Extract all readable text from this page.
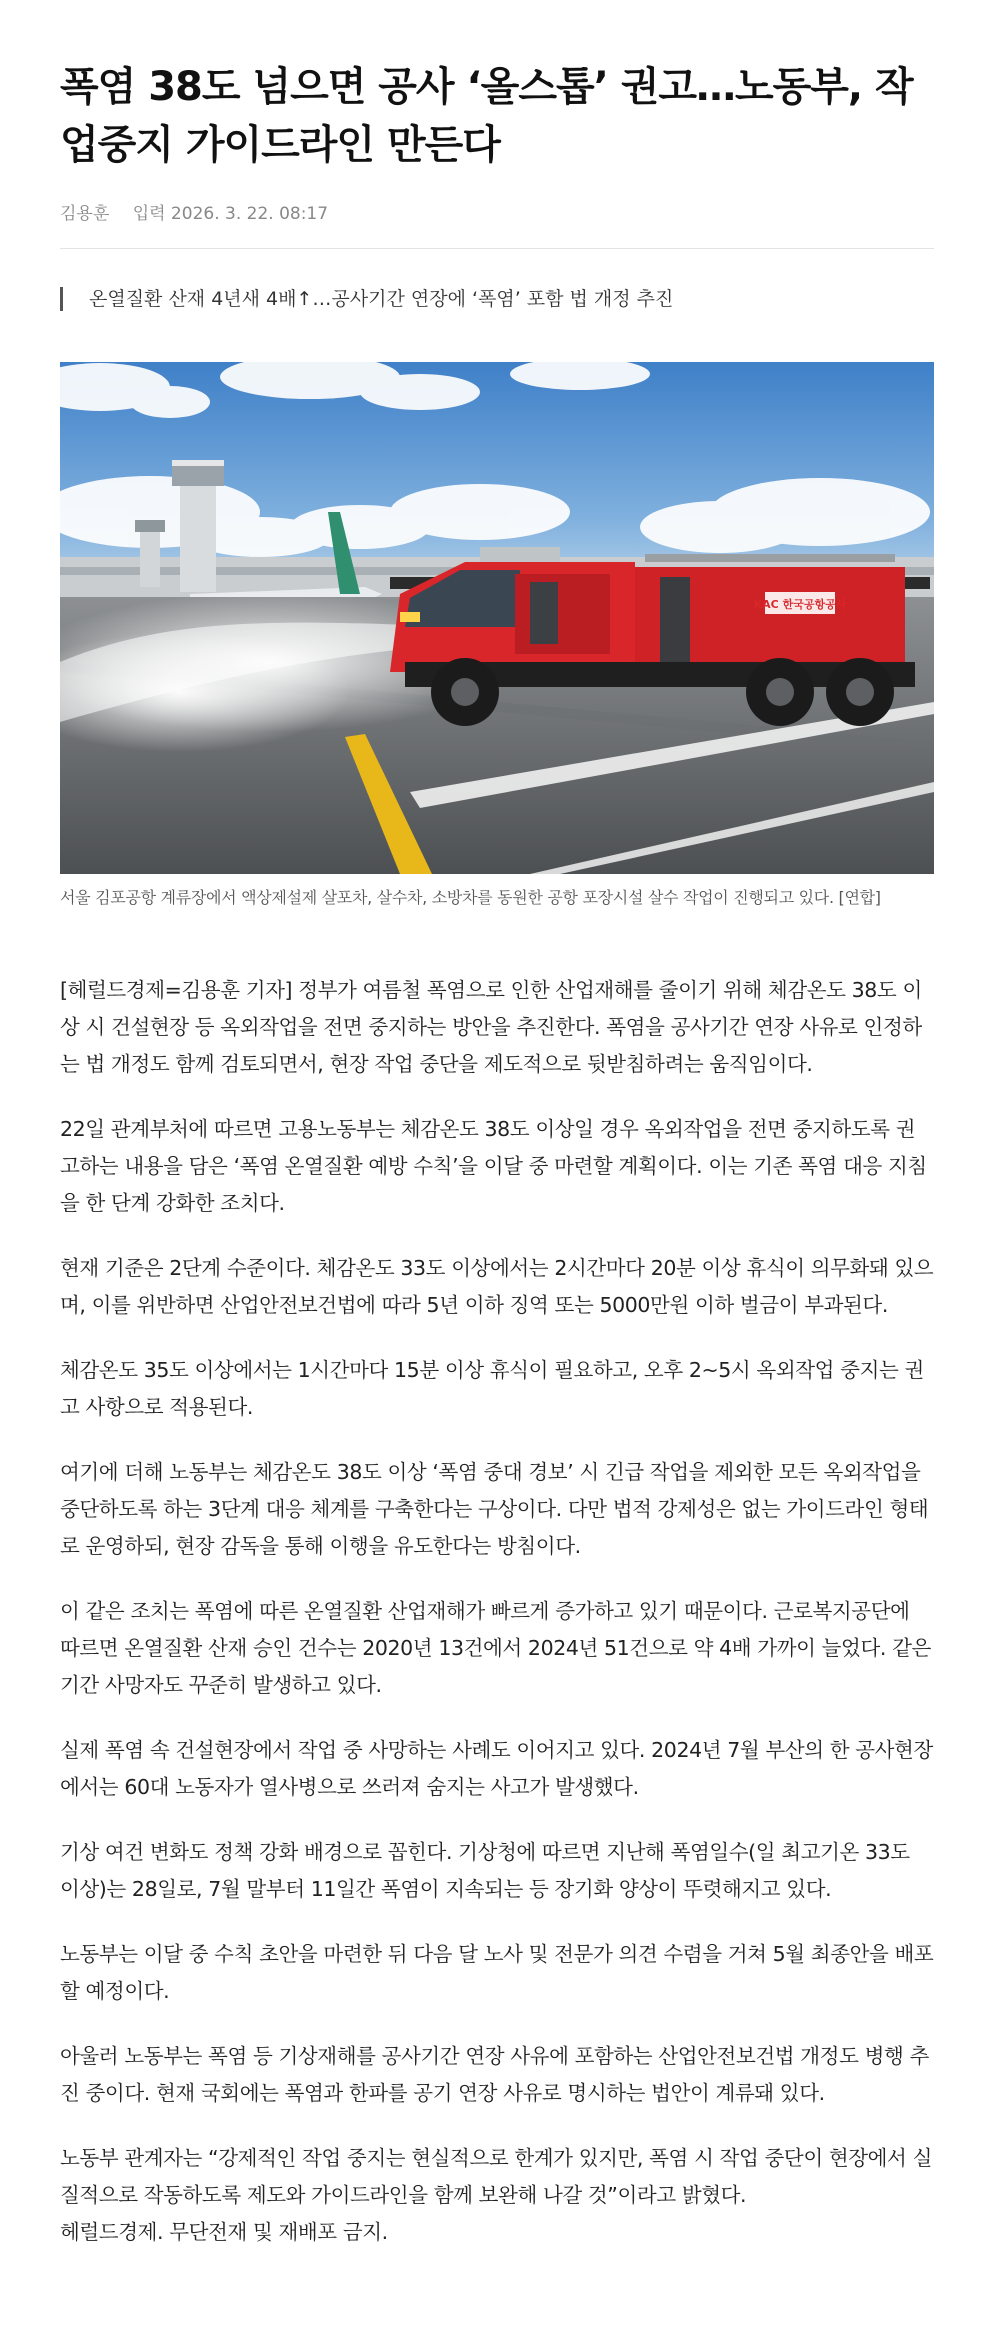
폭염 38도 넘으면 공사 ‘올스톱’ 권고…노동부, 작업중지 가이드라인 만든다
김용훈 입력 2026. 3. 22. 08:17
온열질환 산재 4년새 4배↑…공사기간 연장에 ‘폭염’ 포함 법 개정 추진
KAC 한국공항공사
서울 김포공항 계류장에서 액상제설제 살포차, 살수차, 소방차를 동원한 공항 포장시설 살수 작업이 진행되고 있다. [연합]

[헤럴드경제=김용훈 기자] 정부가 여름철 폭염으로 인한 산업재해를 줄이기 위해 체감온도 38도 이상 시 건설현장 등 옥외작업을 전면 중지하는 방안을 추진한다. 폭염을 공사기간 연장 사유로 인정하는 법 개정도 함께 검토되면서, 현장 작업 중단을 제도적으로 뒷받침하려는 움직임이다.

22일 관계부처에 따르면 고용노동부는 체감온도 38도 이상일 경우 옥외작업을 전면 중지하도록 권고하는 내용을 담은 ‘폭염 온열질환 예방 수칙’을 이달 중 마련할 계획이다. 이는 기존 폭염 대응 지침을 한 단계 강화한 조치다.

현재 기준은 2단계 수준이다. 체감온도 33도 이상에서는 2시간마다 20분 이상 휴식이 의무화돼 있으며, 이를 위반하면 산업안전보건법에 따라 5년 이하 징역 또는 5000만원 이하 벌금이 부과된다.

체감온도 35도 이상에서는 1시간마다 15분 이상 휴식이 필요하고, 오후 2~5시 옥외작업 중지는 권고 사항으로 적용된다.

여기에 더해 노동부는 체감온도 38도 이상 ‘폭염 중대 경보’ 시 긴급 작업을 제외한 모든 옥외작업을 중단하도록 하는 3단계 대응 체계를 구축한다는 구상이다. 다만 법적 강제성은 없는 가이드라인 형태로 운영하되, 현장 감독을 통해 이행을 유도한다는 방침이다.

이 같은 조치는 폭염에 따른 온열질환 산업재해가 빠르게 증가하고 있기 때문이다. 근로복지공단에 따르면 온열질환 산재 승인 건수는 2020년 13건에서 2024년 51건으로 약 4배 가까이 늘었다. 같은 기간 사망자도 꾸준히 발생하고 있다.

실제 폭염 속 건설현장에서 작업 중 사망하는 사례도 이어지고 있다. 2024년 7월 부산의 한 공사현장에서는 60대 노동자가 열사병으로 쓰러져 숨지는 사고가 발생했다.

기상 여건 변화도 정책 강화 배경으로 꼽힌다. 기상청에 따르면 지난해 폭염일수(일 최고기온 33도 이상)는 28일로, 7월 말부터 11일간 폭염이 지속되는 등 장기화 양상이 뚜렷해지고 있다.

노동부는 이달 중 수칙 초안을 마련한 뒤 다음 달 노사 및 전문가 의견 수렴을 거쳐 5월 최종안을 배포할 예정이다.

아울러 노동부는 폭염 등 기상재해를 공사기간 연장 사유에 포함하는 산업안전보건법 개정도 병행 추진 중이다. 현재 국회에는 폭염과 한파를 공기 연장 사유로 명시하는 법안이 계류돼 있다.

노동부 관계자는 “강제적인 작업 중지는 현실적으로 한계가 있지만, 폭염 시 작업 중단이 현장에서 실질적으로 작동하도록 제도와 가이드라인을 함께 보완해 나갈 것”이라고 밝혔다.

헤럴드경제. 무단전재 및 재배포 금지.
